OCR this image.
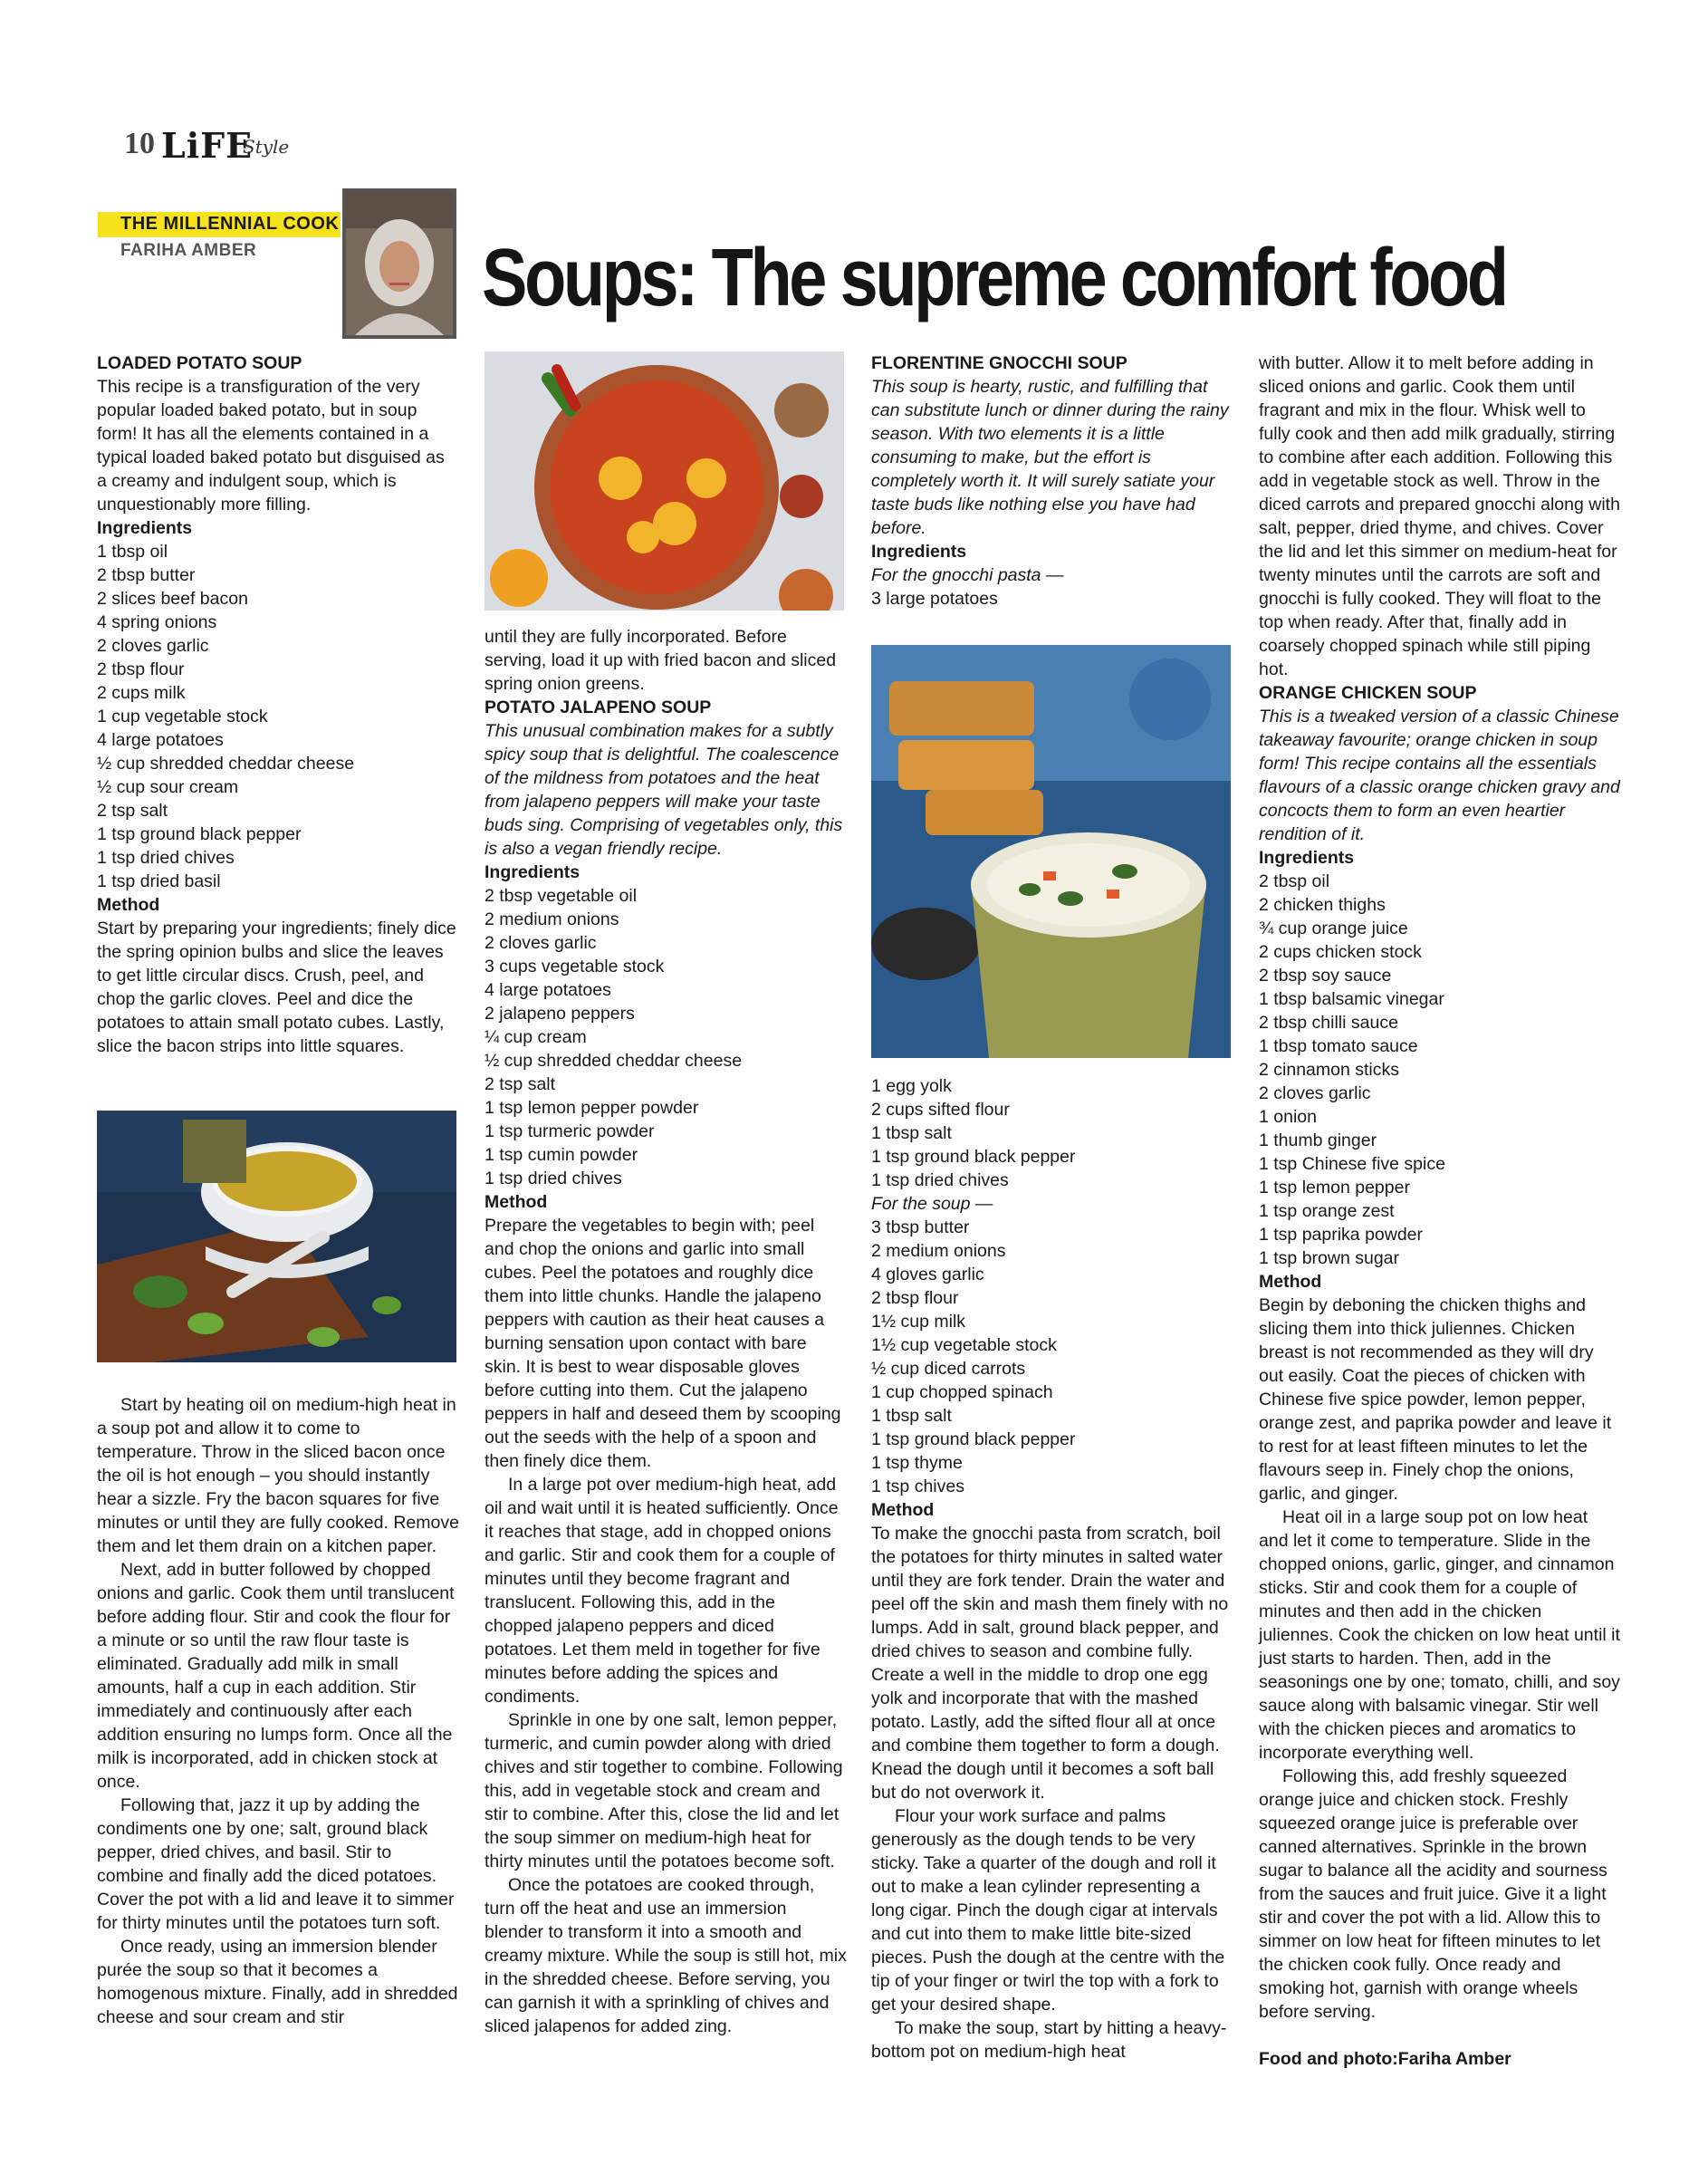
10 LiFE
Style
THE MILLENNIAL COOK
FARIHA AMBER	Soups: The supreme comfort food
LOADED POTATO SOUP

This recipe is a transfiguration of the very popular loaded baked potato, but in soup form! It has all the elements contained in a typical loaded baked potato but disguised as a creamy and indulgent soup, which is unquestionably more filling.

Ingredients
1 tbsp oil
2 tbsp butter
2 slices beef bacon
4 spring onions
2 cloves garlic
2 tbsp flour
2 cups milk
1 cup vegetable stock
4 large potatoes
½ cup shredded cheddar cheese
½ cup sour cream
2 tsp salt
1 tsp ground black pepper
1 tsp dried chives
1 tsp dried basil
Method

Start by preparing your ingredients; finely dice the spring opinion bulbs and slice the leaves to get little circular discs. Crush, peel, and chop the garlic cloves. Peel and dice the potatoes to attain small potato cubes. Lastly, slice the bacon strips into little squares.

Start by heating oil on medium-high heat in a soup pot and allow it to come to temperature. Throw in the sliced bacon once the oil is hot enough – you should instantly hear a sizzle. Fry the bacon squares for five minutes or until they are fully cooked. Remove them and let them drain on a kitchen paper.

Next, add in butter followed by chopped onions and garlic. Cook them until translucent before adding flour. Stir and cook the flour for a minute or so until the raw flour taste is eliminated. Gradually add milk in small amounts, half a cup in each addition. Stir immediately and continuously after each addition ensuring no lumps form. Once all the milk is incorporated, add in chicken stock at once.

Following that, jazz it up by adding the condiments one by one; salt, ground black pepper, dried chives, and basil. Stir to combine and finally add the diced potatoes. Cover the pot with a lid and leave it to simmer for thirty minutes until the potatoes turn soft.

Once ready, using an immersion blender purée the soup so that it becomes a homogenous mixture. Finally, add in shredded cheese and sour cream and stir

until they are fully incorporated. Before serving, load it up with fried bacon and sliced spring onion greens.

POTATO JALAPENO SOUP

This unusual combination makes for a subtly spicy soup that is delightful. The coalescence of the mildness from potatoes and the heat from jalapeno peppers will make your taste buds sing. Comprising of vegetables only, this is also a vegan friendly recipe.

Ingredients
2 tbsp vegetable oil
2 medium onions
2 cloves garlic
3 cups vegetable stock
4 large potatoes
2 jalapeno peppers
¼ cup cream
½ cup shredded cheddar cheese
2 tsp salt
1 tsp lemon pepper powder
1 tsp turmeric powder
1 tsp cumin powder
1 tsp dried chives
Method

Prepare the vegetables to begin with; peel and chop the onions and garlic into small cubes. Peel the potatoes and roughly dice them into little chunks. Handle the jalapeno peppers with caution as their heat causes a burning sensation upon contact with bare skin. It is best to wear disposable gloves before cutting into them. Cut the jalapeno peppers in half and deseed them by scooping out the seeds with the help of a spoon and then finely dice them.

In a large pot over medium-high heat, add oil and wait until it is heated sufficiently. Once it reaches that stage, add in chopped onions and garlic. Stir and cook them for a couple of minutes until they become fragrant and translucent. Following this, add in the chopped jalapeno peppers and diced potatoes. Let them meld in together for five minutes before adding the spices and condiments.

Sprinkle in one by one salt, lemon pepper, turmeric, and cumin powder along with dried chives and stir together to combine. Following this, add in vegetable stock and cream and stir to combine. After this, close the lid and let the soup simmer on medium-high heat for thirty minutes until the potatoes become soft.

Once the potatoes are cooked through, turn off the heat and use an immersion blender to transform it into a smooth and creamy mixture. While the soup is still hot, mix in the shredded cheese. Before serving, you can garnish it with a sprinkling of chives and sliced jalapenos for added zing.

FLORENTINE GNOCCHI SOUP

This soup is hearty, rustic, and fulfilling that can substitute lunch or dinner during the rainy season. With two elements it is a little consuming to make, but the effort is completely worth it. It will surely satiate your taste buds like nothing else you have had before.

Ingredients

For the gnocchi pasta —

3 large potatoes
1 egg yolk
2 cups sifted flour
1 tbsp salt
1 tsp ground black pepper
1 tsp dried chives

For the soup —

3 tbsp butter
2 medium onions
4 gloves garlic
2 tbsp flour
1½ cup milk
1½ cup vegetable stock
½ cup diced carrots
1 cup chopped spinach
1 tbsp salt
1 tsp ground black pepper
1 tsp thyme
1 tsp chives
Method

To make the gnocchi pasta from scratch, boil the potatoes for thirty minutes in salted water until they are fork tender. Drain the water and peel off the skin and mash them finely with no lumps. Add in salt, ground black pepper, and dried chives to season and combine fully. Create a well in the middle to drop one egg yolk and incorporate that with the mashed potato. Lastly, add the sifted flour all at once and combine them together to form a dough. Knead the dough until it becomes a soft ball but do not overwork it.

Flour your work surface and palms generously as the dough tends to be very sticky. Take a quarter of the dough and roll it out to make a lean cylinder representing a long cigar. Pinch the dough cigar at intervals and cut into them to make little bite-sized pieces. Push the dough at the centre with the tip of your finger or twirl the top with a fork to get your desired shape.

To make the soup, start by hitting a heavy-bottom pot on medium-high heat

with butter. Allow it to melt before adding in sliced onions and garlic. Cook them until fragrant and mix in the flour. Whisk well to fully cook and then add milk gradually, stirring to combine after each addition. Following this add in vegetable stock as well. Throw in the diced carrots and prepared gnocchi along with salt, pepper, dried thyme, and chives. Cover the lid and let this simmer on medium-heat for twenty minutes until the carrots are soft and gnocchi is fully cooked. They will float to the top when ready. After that, finally add in coarsely chopped spinach while still piping hot.

ORANGE CHICKEN SOUP

This is a tweaked version of a classic Chinese takeaway favourite; orange chicken in soup form! This recipe contains all the essentials flavours of a classic orange chicken gravy and concocts them to form an even heartier rendition of it.

Ingredients
2 tbsp oil
2 chicken thighs
¾ cup orange juice
2 cups chicken stock
2 tbsp soy sauce
1 tbsp balsamic vinegar
2 tbsp chilli sauce
1 tbsp tomato sauce
2 cinnamon sticks
2 cloves garlic
1 onion
1 thumb ginger
1 tsp Chinese five spice
1 tsp lemon pepper
1 tsp orange zest
1 tsp paprika powder
1 tsp brown sugar
Method

Begin by deboning the chicken thighs and slicing them into thick juliennes. Chicken breast is not recommended as they will dry out easily. Coat the pieces of chicken with Chinese five spice powder, lemon pepper, orange zest, and paprika powder and leave it to rest for at least fifteen minutes to let the flavours seep in. Finely chop the onions, garlic, and ginger.

Heat oil in a large soup pot on low heat and let it come to temperature. Slide in the chopped onions, garlic, ginger, and cinnamon sticks. Stir and cook them for a couple of minutes and then add in the chicken juliennes. Cook the chicken on low heat until it just starts to harden. Then, add in the seasonings one by one; tomato, chilli, and soy sauce along with balsamic vinegar. Stir well with the chicken pieces and aromatics to incorporate everything well.

Following this, add freshly squeezed orange juice and chicken stock. Freshly squeezed orange juice is preferable over canned alternatives. Sprinkle in the brown sugar to balance all the acidity and sourness from the sauces and fruit juice. Give it a light stir and cover the pot with a lid. Allow this to simmer on low heat for fifteen minutes to let the chicken cook fully. Once ready and smoking hot, garnish with orange wheels before serving.

Food and photo:Fariha Amber
